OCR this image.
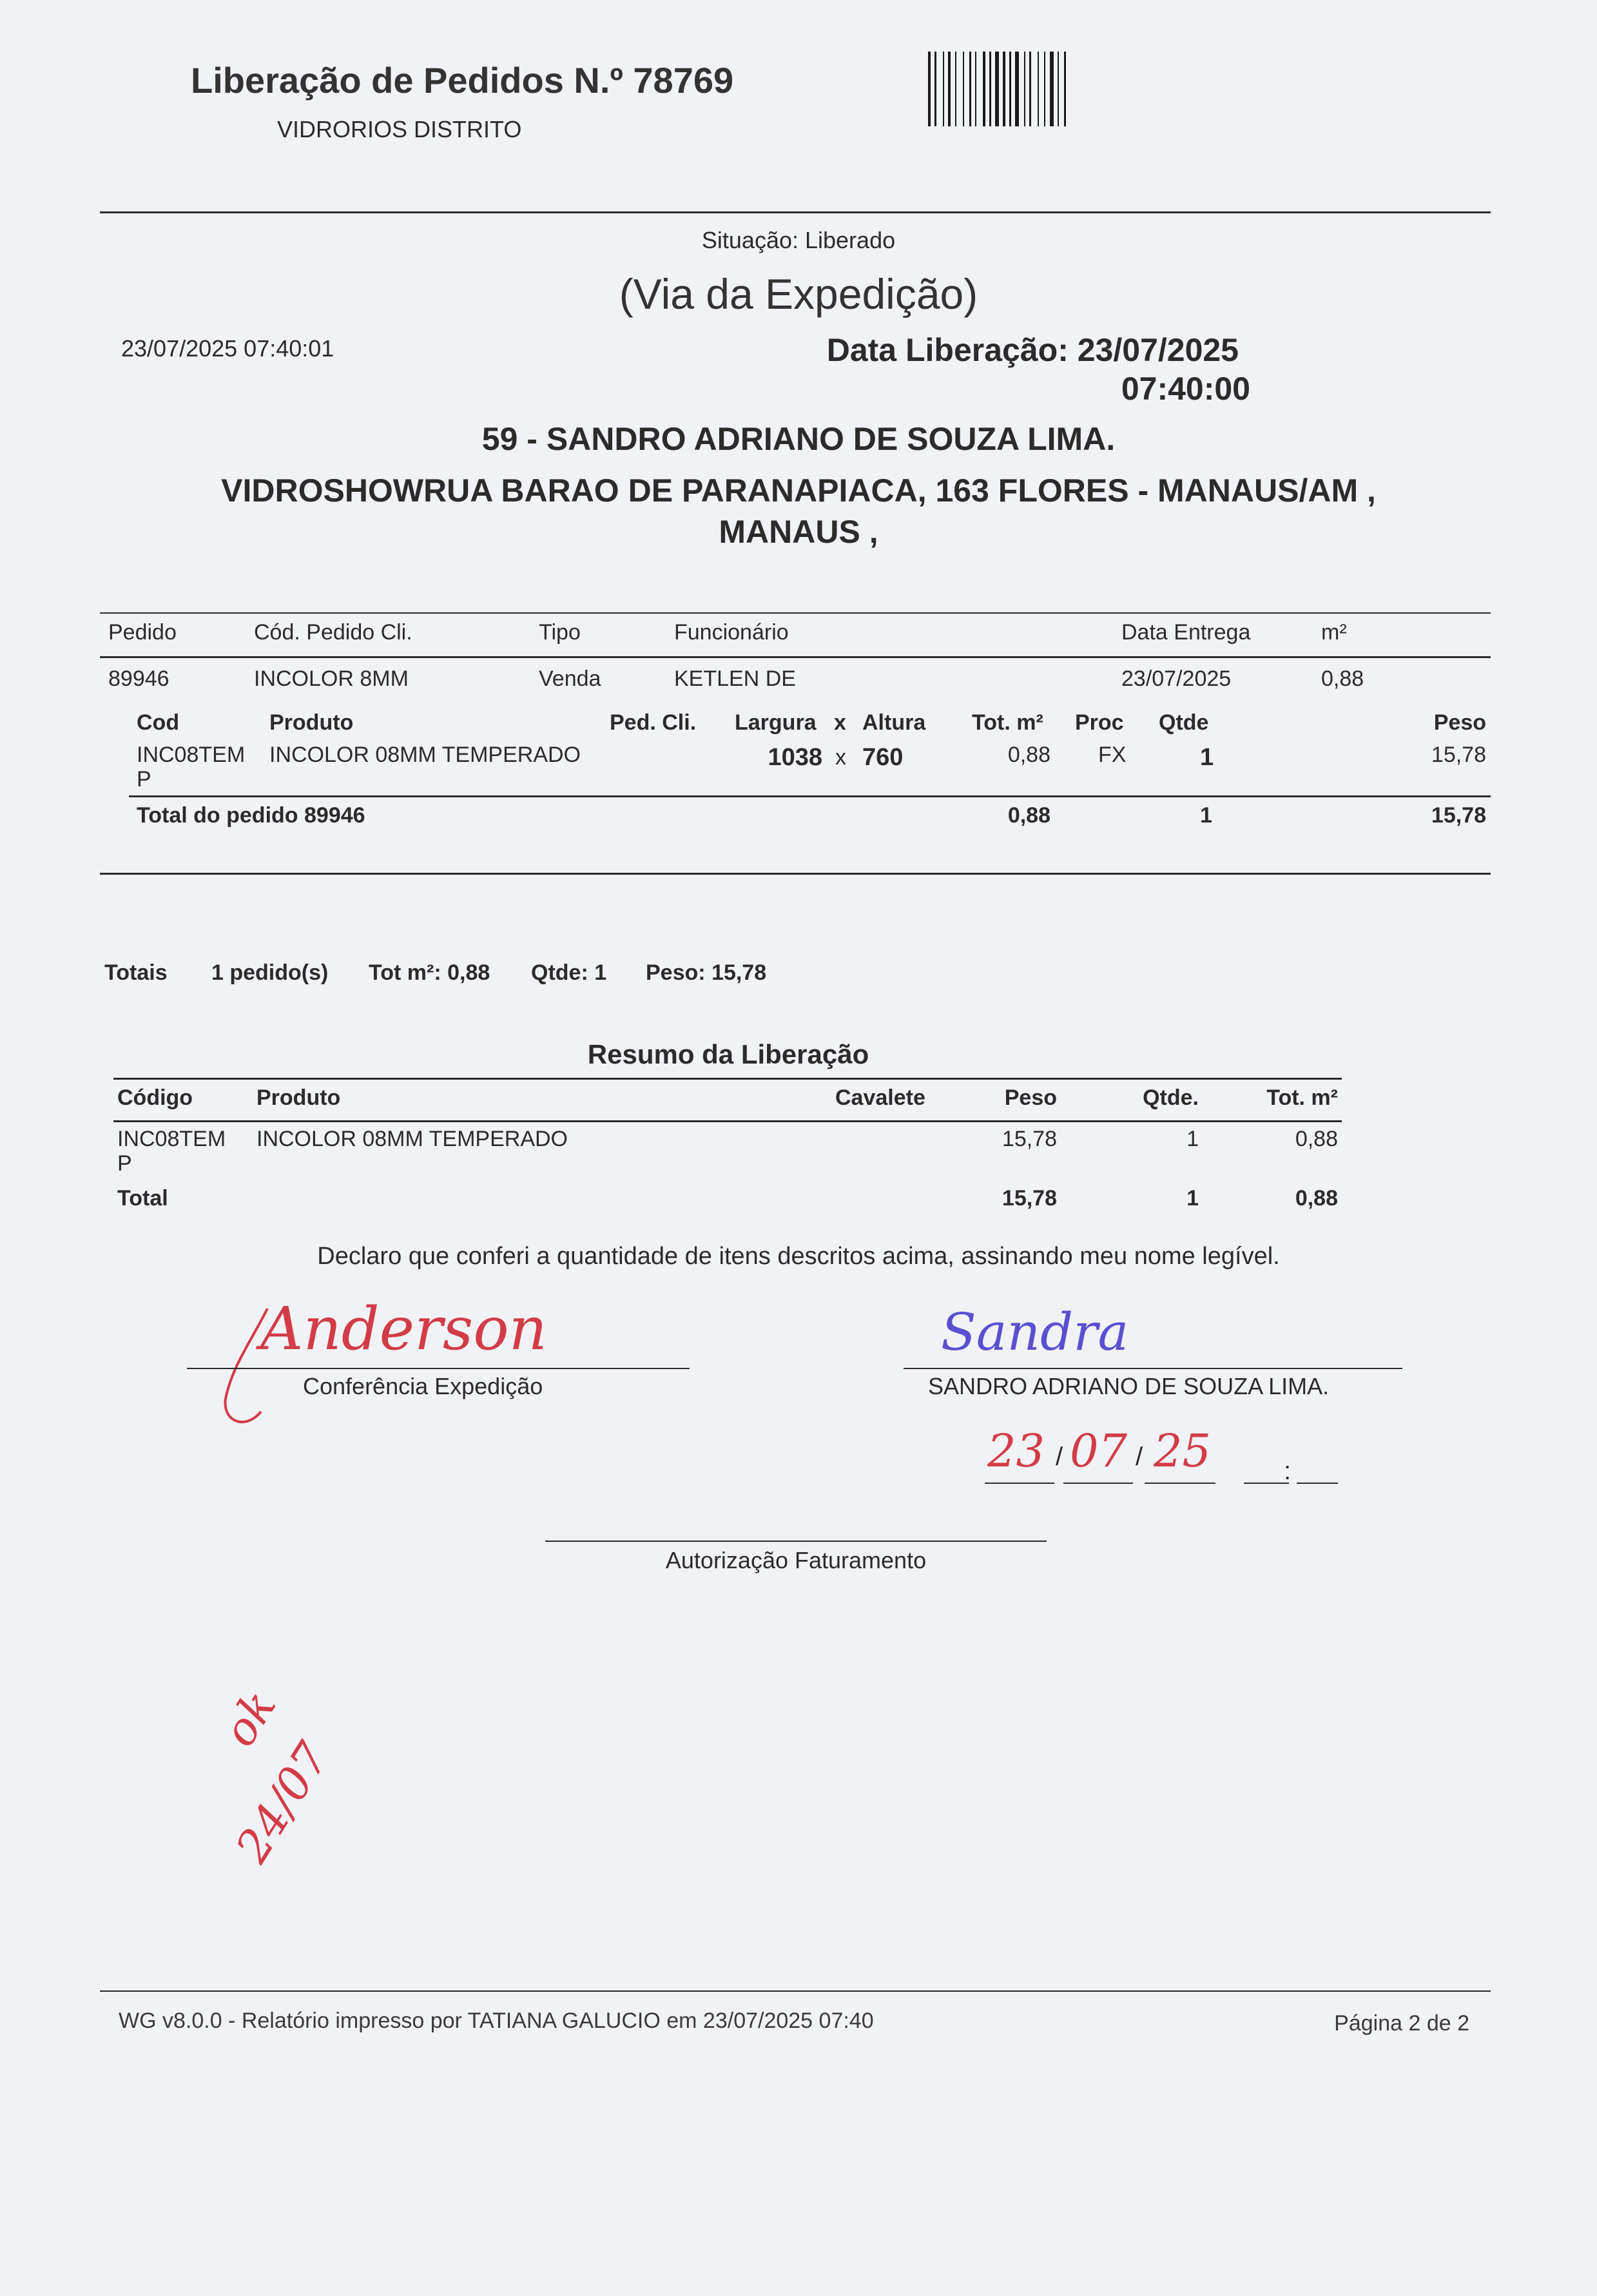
Liberação de Pedidos N.º 78769
VIDRORIOS DISTRITO
Situação: Liberado
(Via da Expedição)
23/07/2025 07:40:01	Data Liberação: 23/07/2025
07:40:00
59 - SANDRO ADRIANO DE SOUZA LIMA.
VIDROSHOWRUA BARAO DE PARANAPIACA, 163 FLORES - MANAUS/AM ,
MANAUS ,
Pedido	Cód. Pedido Cli.	Tipo	Funcionário	Data Entrega	m²
89946	INCOLOR 8MM	Venda	KETLEN DE	23/07/2025	0,88
Cod	Produto	Ped. Cli. Largura x Altura Tot. m² Proc Qtde	Peso
INC08TEM
P
INCOLOR 08MM TEMPERADO	1038 x 760	0,88 FX	1	15,78
Total do pedido 89946	0,88	1	15,78
Totais 1 pedido(s) Tot m²: 0,88 Qtde: 1 Peso: 15,78
Resumo da Liberação
Código	Produto	Cavalete	Peso	Qtde.	Tot. m²
INC08TEM
P
INCOLOR 08MM TEMPERADO	15,78	1	0,88
Total	15,78	1	0,88
Declaro que conferi a quantidade de itens descritos acima, assinando meu nome legível.
Anderson
Conferência Expedição
Sandra
SANDRO ADRIANO DE SOUZA LIMA.
23 / 07 / 25	:
Autorização Faturamento
ok
24/07
WG v8.0.0 - Relatório impresso por TATIANA GALUCIO em 23/07/2025 07:40	Página 2 de 2
